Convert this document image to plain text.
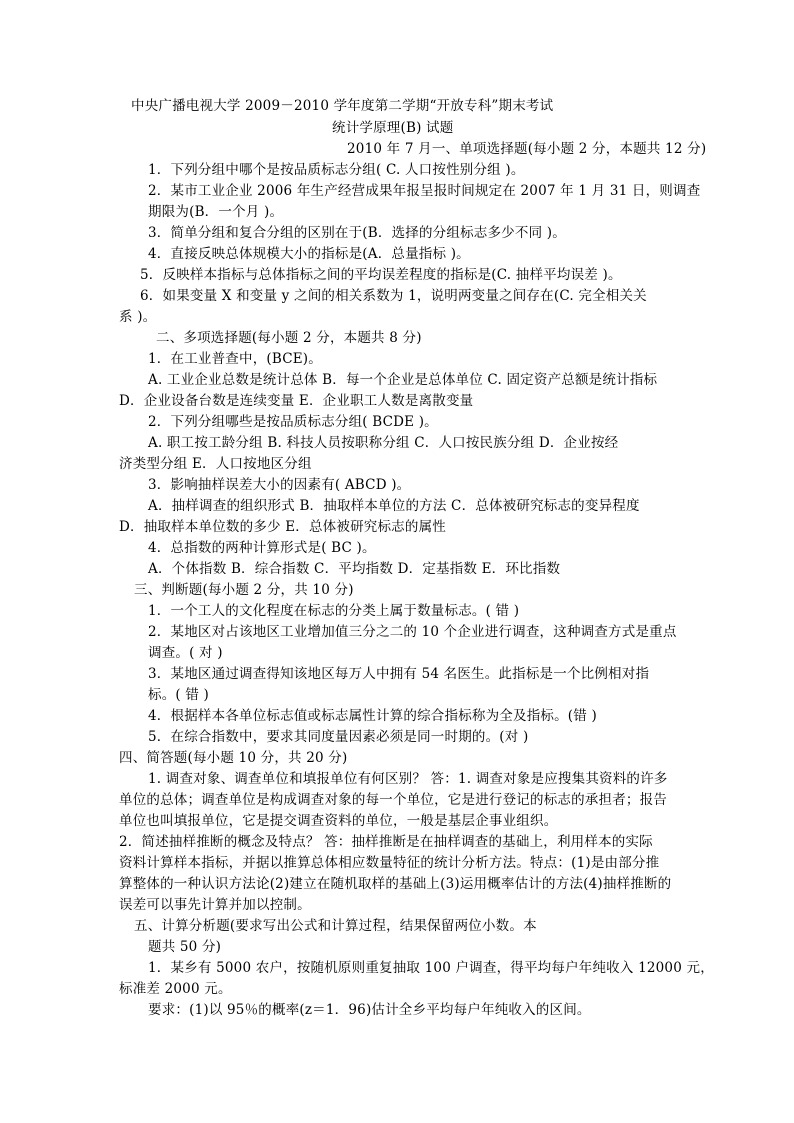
中央广播电视大学 2009－2010 学年度第二学期“开放专科”期末考试
统计学原理(B) 试题
2010 年 7 月一、单项选择题(每小题 2 分，本题共 12 分)
1．下列分组中哪个是按品质标志分组( C. 人口按性别分组 )。
2．某市工业企业 2006 年生产经营成果年报呈报时间规定在 2007 年 1 月 31 日，则调查
期限为(B．一个月 )。
3．简单分组和复合分组的区别在于(B．选择的分组标志多少不同 )。
4．直接反映总体规模大小的指标是(A．总量指标 )。
5．反映样本指标与总体指标之间的平均误差程度的指标是(C. 抽样平均误差 )。
6．如果变量 X 和变量 y 之间的相关系数为 1，说明两变量之间存在(C. 完全相关关
系 )。
二、多项选择题(每小题 2 分，本题共 8 分)
1．在工业普查中，(BCE)。
A. 工业企业总数是统计总体 B．每一个企业是总体单位 C. 固定资产总额是统计指标
D．企业设备台数是连续变量 E．企业职工人数是离散变量
2．下列分组哪些是按品质标志分组( BCDE )。
A. 职工按工龄分组 B. 科技人员按职称分组 C．人口按民族分组 D．企业按经
济类型分组 E．人口按地区分组
3．影响抽样误差大小的因素有( ABCD )。
A．抽样调查的组织形式 B．抽取样本单位的方法 C．总体被研究标志的变异程度
D．抽取样本单位数的多少 E．总体被研究标志的属性
4．总指数的两种计算形式是( BC )。
A．个体指数 B．综合指数 C．平均指数 D．定基指数 E．环比指数
三、判断题(每小题 2 分，共 10 分)
1．一个工人的文化程度在标志的分类上属于数量标志。( 错 )
2．某地区对占该地区工业增加值三分之二的 10 个企业进行调查，这种调查方式是重点
调查。( 对 )
3．某地区通过调查得知该地区每万人中拥有 54 名医生。此指标是一个比例相对指
标。( 错 )
4．根据样本各单位标志值或标志属性计算的综合指标称为全及指标。(错 )
5．在综合指数中，要求其同度量因素必须是同一时期的。(对 )
四、简答题(每小题 10 分，共 20 分)
1. 调查对象、调查单位和填报单位有何区别？ 答：1. 调查对象是应搜集其资料的许多
单位的总体；调查单位是构成调查对象的每一个单位，它是进行登记的标志的承担者；报告
单位也叫填报单位，它是提交调查资料的单位，一般是基层企事业组织。
2．简述抽样推断的概念及特点？ 答：抽样推断是在抽样调查的基础上，利用样本的实际
资料计算样本指标，并据以推算总体相应数量特征的统计分析方法。特点：(1)是由部分推
算整体的一种认识方法论(2)建立在随机取样的基础上(3)运用概率估计的方法(4)抽样推断的
误差可以事先计算并加以控制。
五、计算分析题(要求写出公式和计算过程，结果保留两位小数。本
题共 50 分)
1．某乡有 5000 农户，按随机原则重复抽取 100 户调查，得平均每户年纯收入 12000 元，
标准差 2000 元。
要求：(1)以 95％的概率(z＝1．96)估计全乡平均每户年纯收入的区间。
